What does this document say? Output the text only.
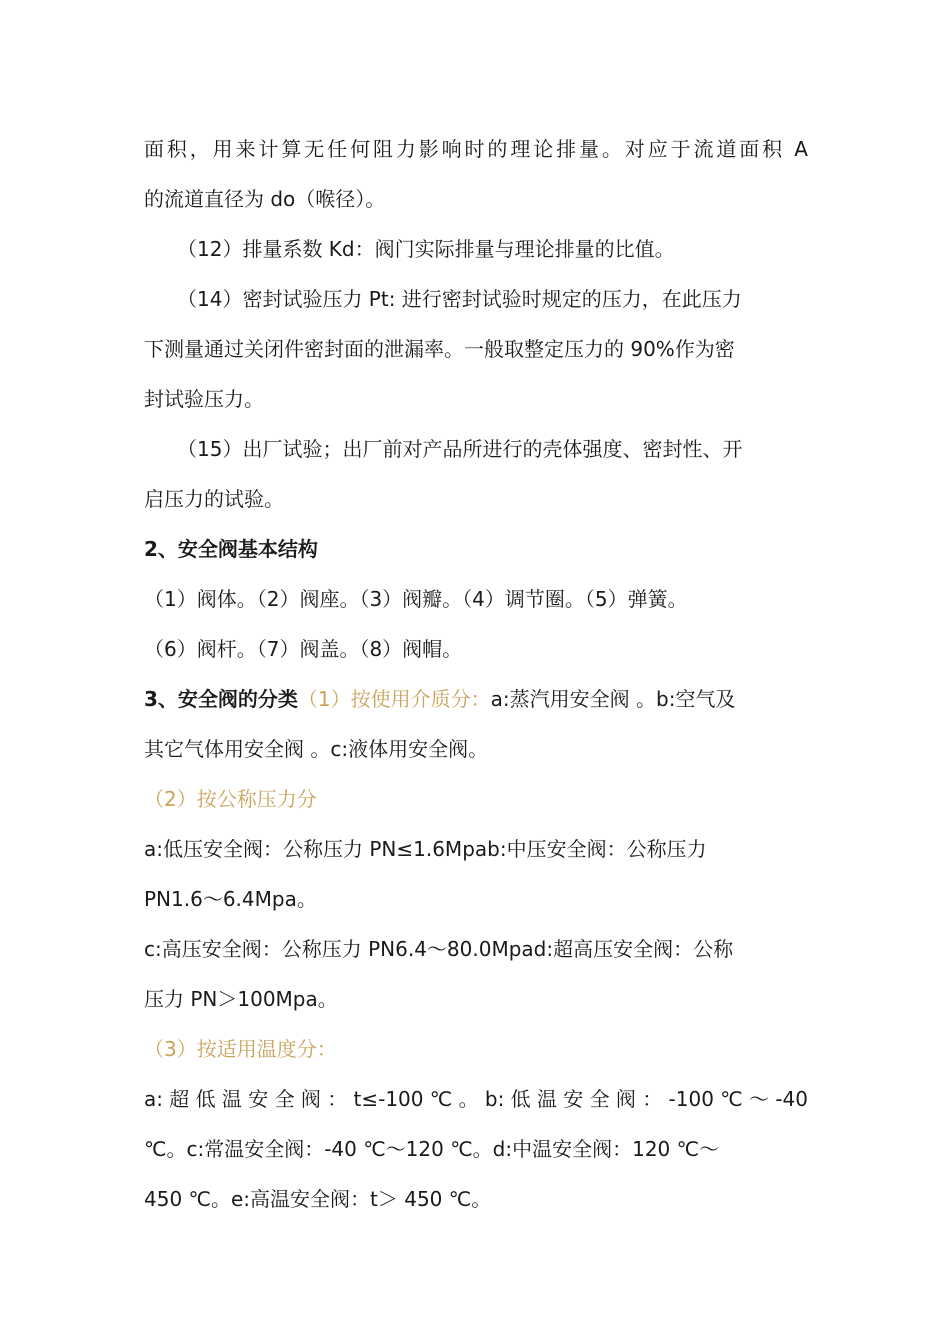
面积，用来计算无任何阻力影响时的理论排量。对应于流道面积 A
的流道直径为 do（喉径）。
（12）排量系数 Kd：阀门实际排量与理论排量的比值。
（14）密封试验压力 Pt: 进行密封试验时规定的压力，在此压力
下测量通过关闭件密封面的泄漏率。一般取整定压力的 90%作为密
封试验压力。
（15）出厂试验；出厂前对产品所进行的壳体强度、密封性、开
启压力的试验。
2、安全阀基本结构
（1）阀体。（2）阀座。（3）阀瓣。（4）调节圈。（5）弹簧。
（6）阀杆。（7）阀盖。（8）阀帽。
3、安全阀的分类（1）按使用介质分：a:蒸汽用安全阀 。b:空气及
其它气体用安全阀 。c:液体用安全阀。
（2）按公称压力分
a:低压安全阀：公称压力 PN≤1.6Mpab:中压安全阀：公称压力
PN1.6～6.4Mpa。
c:高压安全阀：公称压力 PN6.4～80.0Mpad:超高压安全阀：公称
压力 PN＞100Mpa。
（3）按适用温度分：
a:超低温安全阀：t≤-100℃。b:低温安全阀：-100℃～-40
℃。c:常温安全阀：-40 ℃～120 ℃。d:中温安全阀：120 ℃～
450 ℃。e:高温安全阀：t＞ 450 ℃。
